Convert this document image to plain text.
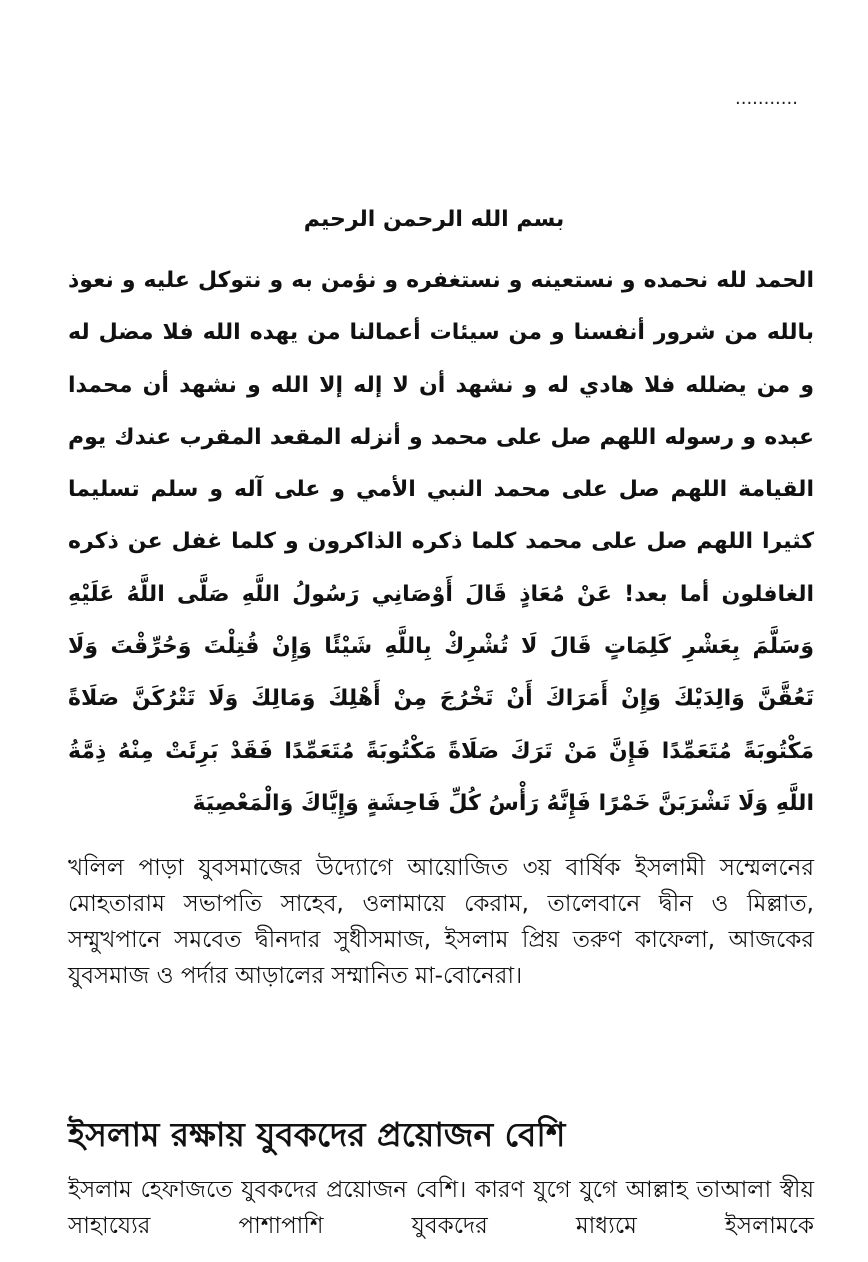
...........
بسم الله الرحمن الرحيم
الحمد لله نحمده و نستعينه و نستغفره و نؤمن به و نتوكل عليه و نعوذ بالله من شرور أنفسنا و من سيئات أعمالنا من يهده الله فلا مضل له و من يضلله فلا هادي له و نشهد أن لا إله إلا الله و نشهد أن محمدا عبده و رسوله اللهم صل على محمد و أنزله المقعد المقرب عندك يوم القيامة اللهم صل على محمد النبي الأمي و على آله و سلم تسليما كثيرا اللهم صل على محمد كلما ذكره الذاكرون و كلما غفل عن ذكره الغافلون أما بعد! عَنْ مُعَاذٍ قَالَ أَوْصَانِي رَسُولُ اللَّهِ صَلَّى اللَّهُ عَلَيْهِ وَسَلَّمَ بِعَشْرِ كَلِمَاتٍ قَالَ لَا تُشْرِكْ بِاللَّهِ شَيْئًا وَإِنْ قُتِلْتَ وَحُرِّقْتَ وَلَا تَعُقَّنَّ وَالِدَيْكَ وَإِنْ أَمَرَاكَ أَنْ تَخْرُجَ مِنْ أَهْلِكَ وَمَالِكَ وَلَا تَتْرُكَنَّ صَلَاةً مَكْتُوبَةً مُتَعَمِّدًا فَإِنَّ مَنْ تَرَكَ صَلَاةً مَكْتُوبَةً مُتَعَمِّدًا فَقَدْ بَرِئَتْ مِنْهُ ذِمَّةُ اللَّهِ وَلَا تَشْرَبَنَّ خَمْرًا فَإِنَّهُ رَأْسُ كُلِّ فَاحِشَةٍ وَإِيَّاكَ وَالْمَعْصِيَةَ
খলিল পাড়া যুবসমাজের উদ্যোগে আয়োজিত ৩য় বার্ষিক ইসলামী সম্মেলনের মোহতারাম সভাপতি সাহেব, ওলামায়ে কেরাম, তালেবানে দ্বীন ও মিল্লাত, সম্মুখপানে সমবেত দ্বীনদার সুধীসমাজ, ইসলাম প্রিয় তরুণ কাফেলা, আজকের যুবসমাজ ও পর্দার আড়ালের সম্মানিত মা-বোনেরা।
ইসলাম রক্ষায় যুবকদের প্রয়োজন বেশি
ইসলাম হেফাজতে যুবকদের প্রয়োজন বেশি। কারণ যুগে যুগে আল্লাহ তাআলা স্বীয় সাহায্যের পাশাপাশি যুবকদের মাধ্যমে ইসলামকে
